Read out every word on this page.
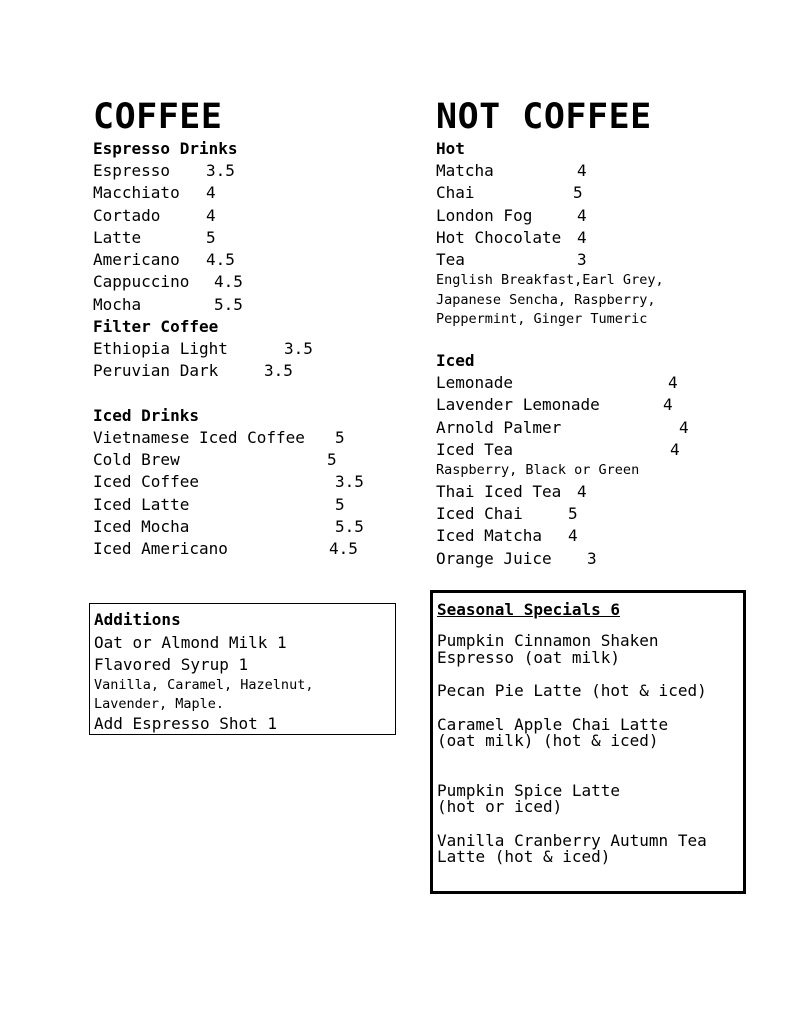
COFFEE
Espresso Drinks
Espresso 3.5
Macchiato 4
Cortado	4
Latte	5
Americano 4.5
Cappuccino 4.5
Mocha	5.5
Filter Coffee
Ethiopia Light	3.5
Peruvian Dark	3.5
Iced Drinks
Vietnamese Iced Coffee 5
Cold Brew	5
Iced Coffee	3.5
Iced Latte	5
Iced Mocha	5.5
Iced Americano	4.5
NOT COFFEE
Hot
Matcha	4
Chai	5
London Fog	4
Hot Chocolate 4
Tea	3
English Breakfast,Earl Grey, Japanese Sencha, Raspberry, Peppermint, Ginger Tumeric
Iced
Lemonade	4
Lavender Lemonade	4
Arnold Palmer	4
Iced Tea	4
Raspberry, Black or Green
Thai Iced Tea 4
Iced Chai	5
Iced Matcha 4
Orange Juice 3
Additions
Oat or Almond Milk 1
Flavored Syrup 1
Vanilla, Caramel, Hazelnut, Lavender, Maple.
Add Espresso Shot 1
Seasonal Specials 6
Pumpkin Cinnamon Shaken
Espresso (oat milk)
Pecan Pie Latte (hot & iced)
Caramel Apple Chai Latte
(oat milk) (hot & iced)
Pumpkin Spice Latte
(hot or iced)
Vanilla Cranberry Autumn Tea
Latte (hot & iced)
